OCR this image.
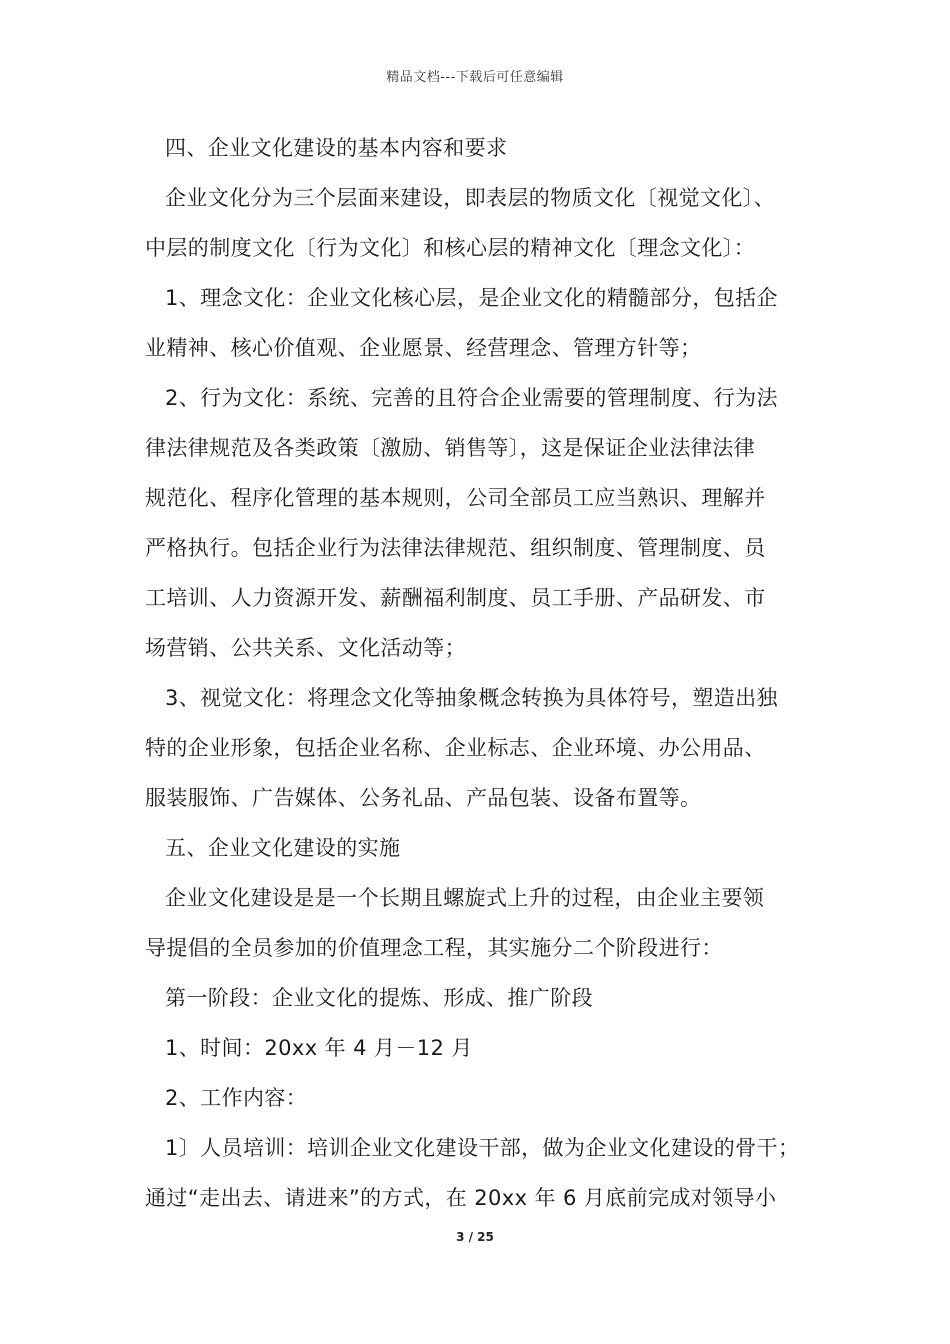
精品文档---下载后可任意编辑
四、企业文化建设的基本内容和要求
企业文化分为三个层面来建设，即表层的物质文化〔视觉文化〕、
中层的制度文化〔行为文化〕和核心层的精神文化〔理念文化〕：
1、理念文化：企业文化核心层，是企业文化的精髓部分，包括企
业精神、核心价值观、企业愿景、经营理念、管理方针等；
2、行为文化：系统、完善的且符合企业需要的管理制度、行为法
律法律规范及各类政策〔激励、销售等〕，这是保证企业法律法律
规范化、程序化管理的基本规则，公司全部员工应当熟识、理解并
严格执行。包括企业行为法律法律规范、组织制度、管理制度、员
工培训、人力资源开发、薪酬福利制度、员工手册、产品研发、市
场营销、公共关系、文化活动等；
3、视觉文化：将理念文化等抽象概念转换为具体符号，塑造出独
特的企业形象，包括企业名称、企业标志、企业环境、办公用品、
服装服饰、广告媒体、公务礼品、产品包装、设备布置等。
五、企业文化建设的实施
企业文化建设是是一个长期且螺旋式上升的过程，由企业主要领
导提倡的全员参加的价值理念工程，其实施分二个阶段进行：
第一阶段：企业文化的提炼、形成、推广阶段
1、时间：20xx 年 4 月－12 月
2、工作内容：
1〕人员培训：培训企业文化建设干部，做为企业文化建设的骨干；
通过“走出去、请进来”的方式，在 20xx 年 6 月底前完成对领导小
3 / 25
